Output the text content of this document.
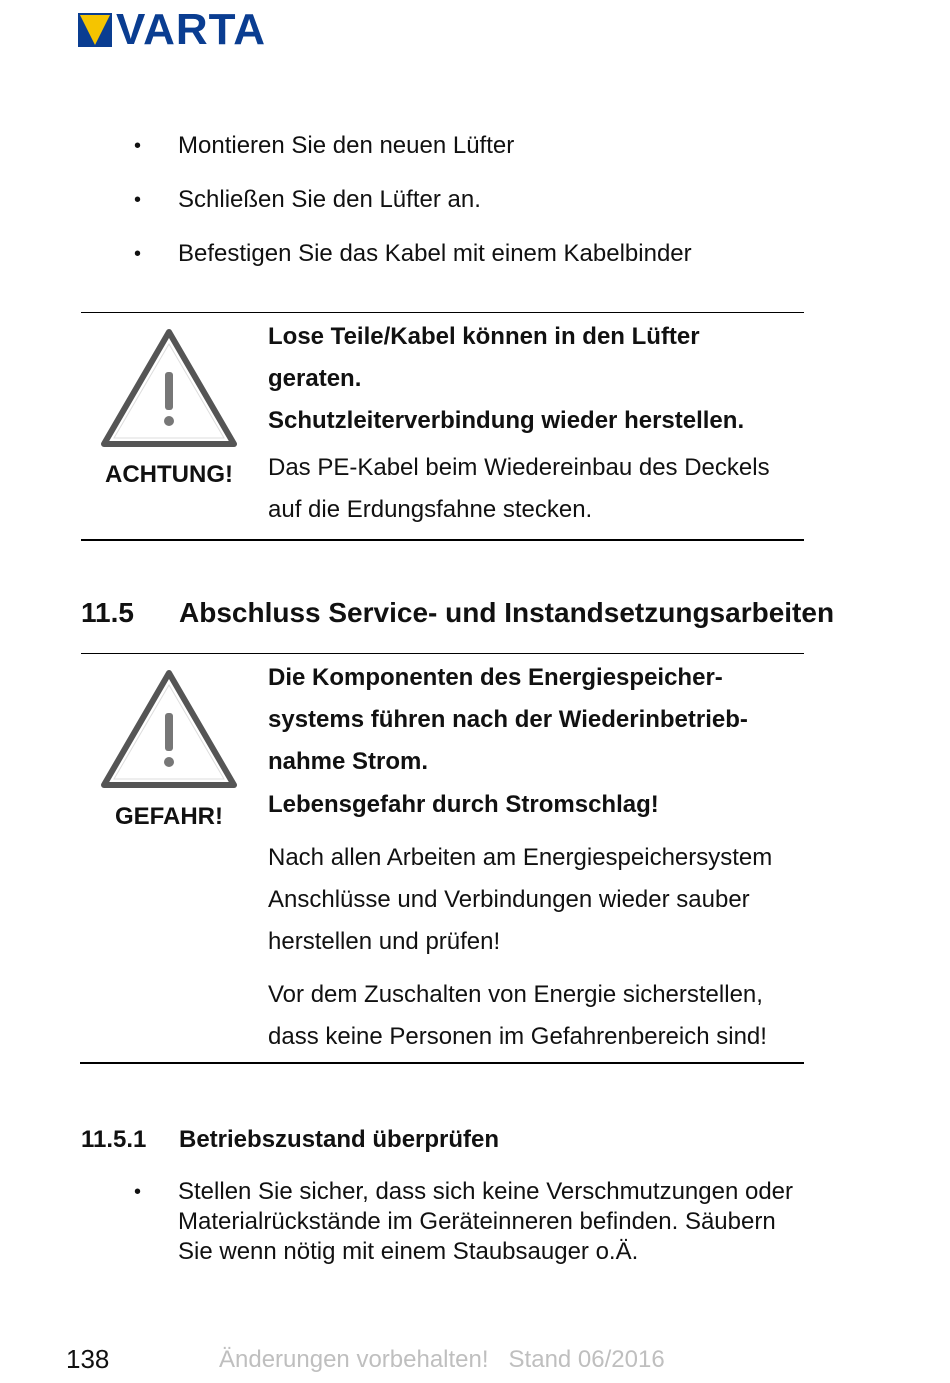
VARTA
• Montieren Sie den neuen Lüfter
• Schließen Sie den Lüfter an.
• Befestigen Sie das Kabel mit einem Kabelbinder
ACHTUNG!
Lose Teile/Kabel können in den Lüfter
geraten.
Schutzleiterverbindung wieder herstellen.
Das PE-Kabel beim Wiedereinbau des Deckels
auf die Erdungsfahne stecken.
11.5	Abschluss Service- und Instandsetzungsarbeiten
GEFAHR!
Die Komponenten des Energiespeicher-
systems führen nach der Wiederinbetrieb-
nahme Strom.
Lebensgefahr durch Stromschlag!
Nach allen Arbeiten am Energiespeichersystem
Anschlüsse und Verbindungen wieder sauber
herstellen und prüfen!
Vor dem Zuschalten von Energie sicherstellen,
dass keine Personen im Gefahrenbereich sind!
11.5.1	Betriebszustand überprüfen
• Stellen Sie sicher, dass sich keine Verschmutzungen oder
Materialrückstände im Geräteinneren befinden. Säubern
Sie wenn nötig mit einem Staubsauger o.Ä.
138	Änderungen vorbehalten!   Stand 06/2016
